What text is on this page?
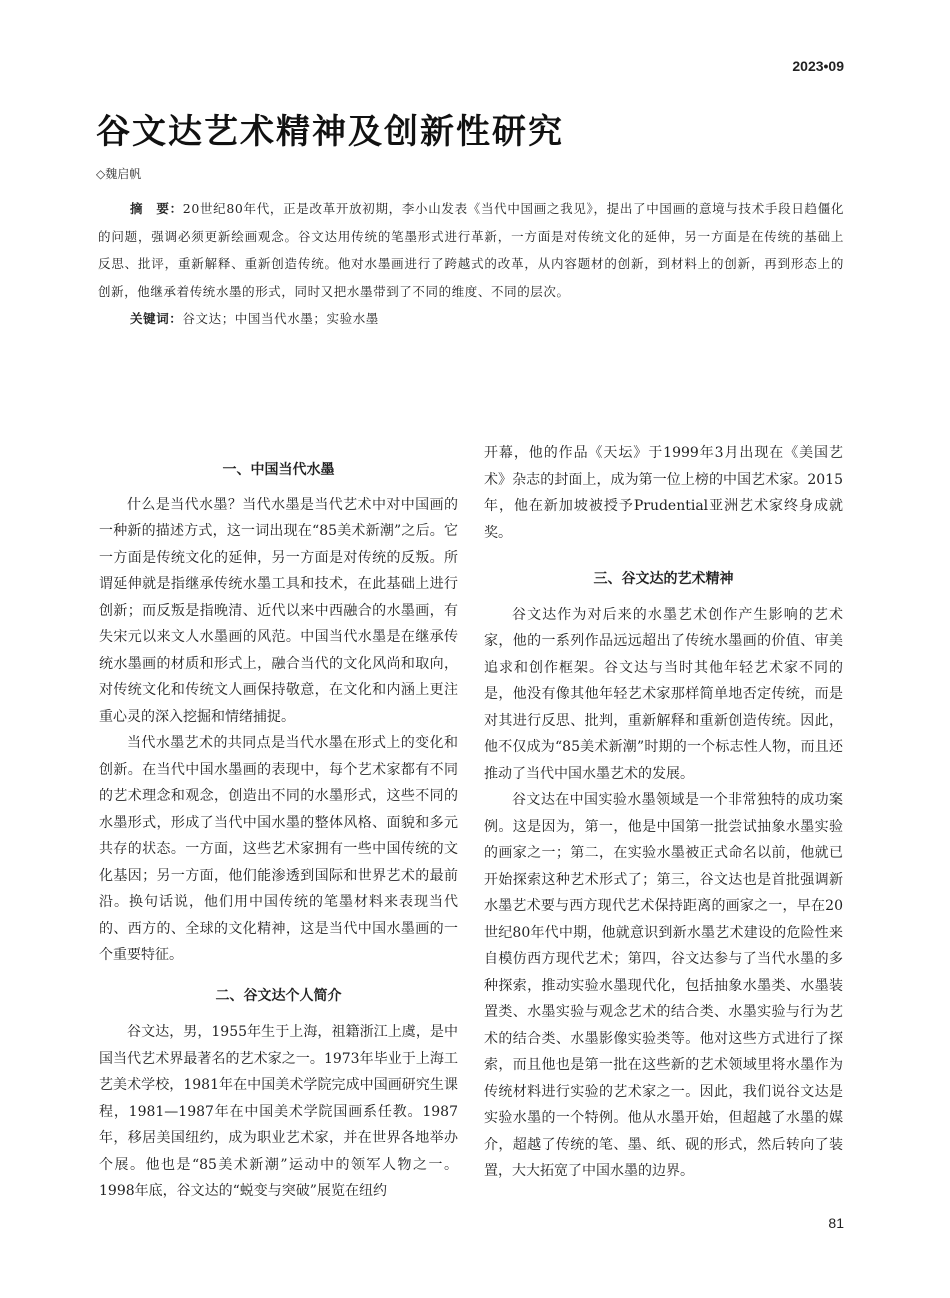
2023•09
谷文达艺术精神及创新性研究
◇魏启帆

摘　要：20世纪80年代，正是改革开放初期，李小山发表《当代中国画之我见》，提出了中国画的意境与技术手段日趋僵化的问题，强调必须更新绘画观念。谷文达用传统的笔墨形式进行革新，一方面是对传统文化的延伸，另一方面是在传统的基础上反思、批评，重新解释、重新创造传统。他对水墨画进行了跨越式的改革，从内容题材的创新，到材料上的创新，再到形态上的创新，他继承着传统水墨的形式，同时又把水墨带到了不同的维度、不同的层次。

关键词：谷文达；中国当代水墨；实验水墨

一、中国当代水墨

什么是当代水墨？当代水墨是当代艺术中对中国画的一种新的描述方式，这一词出现在“85美术新潮”之后。它一方面是传统文化的延伸，另一方面是对传统的反叛。所谓延伸就是指继承传统水墨工具和技术，在此基础上进行创新；而反叛是指晚清、近代以来中西融合的水墨画，有失宋元以来文人水墨画的风范。中国当代水墨是在继承传统水墨画的材质和形式上，融合当代的文化风尚和取向，对传统文化和传统文人画保持敬意，在文化和内涵上更注重心灵的深入挖掘和情绪捕捉。

当代水墨艺术的共同点是当代水墨在形式上的变化和创新。在当代中国水墨画的表现中，每个艺术家都有不同的艺术理念和观念，创造出不同的水墨形式，这些不同的水墨形式，形成了当代中国水墨的整体风格、面貌和多元共存的状态。一方面，这些艺术家拥有一些中国传统的文化基因；另一方面，他们能渗透到国际和世界艺术的最前沿。换句话说，他们用中国传统的笔墨材料来表现当代的、西方的、全球的文化精神，这是当代中国水墨画的一个重要特征。

二、谷文达个人简介

谷文达，男，1955年生于上海，祖籍浙江上虞，是中国当代艺术界最著名的艺术家之一。1973年毕业于上海工艺美术学校，1981年在中国美术学院完成中国画研究生课程，1981—1987年在中国美术学院国画系任教。1987年，移居美国纽约，成为职业艺术家，并在世界各地举办个展。他也是“85美术新潮”运动中的领军人物之一。1998年底，谷文达的“蜕变与突破”展览在纽约

开幕，他的作品《天坛》于1999年3月出现在《美国艺术》杂志的封面上，成为第一位上榜的中国艺术家。2015年，他在新加坡被授予Prudential亚洲艺术家终身成就奖。

三、谷文达的艺术精神

谷文达作为对后来的水墨艺术创作产生影响的艺术家，他的一系列作品远远超出了传统水墨画的价值、审美追求和创作框架。谷文达与当时其他年轻艺术家不同的是，他没有像其他年轻艺术家那样简单地否定传统，而是对其进行反思、批判，重新解释和重新创造传统。因此，他不仅成为“85美术新潮”时期的一个标志性人物，而且还推动了当代中国水墨艺术的发展。

谷文达在中国实验水墨领域是一个非常独特的成功案例。这是因为，第一，他是中国第一批尝试抽象水墨实验的画家之一；第二，在实验水墨被正式命名以前，他就已开始探索这种艺术形式了；第三，谷文达也是首批强调新水墨艺术要与西方现代艺术保持距离的画家之一，早在20世纪80年代中期，他就意识到新水墨艺术建设的危险性来自模仿西方现代艺术；第四，谷文达参与了当代水墨的多种探索，推动实验水墨现代化，包括抽象水墨类、水墨装置类、水墨实验与观念艺术的结合类、水墨实验与行为艺术的结合类、水墨影像实验类等。他对这些方式进行了探索，而且他也是第一批在这些新的艺术领域里将水墨作为传统材料进行实验的艺术家之一。因此，我们说谷文达是实验水墨的一个特例。他从水墨开始，但超越了水墨的媒介，超越了传统的笔、墨、纸、砚的形式，然后转向了装置，大大拓宽了中国水墨的边界。

81
